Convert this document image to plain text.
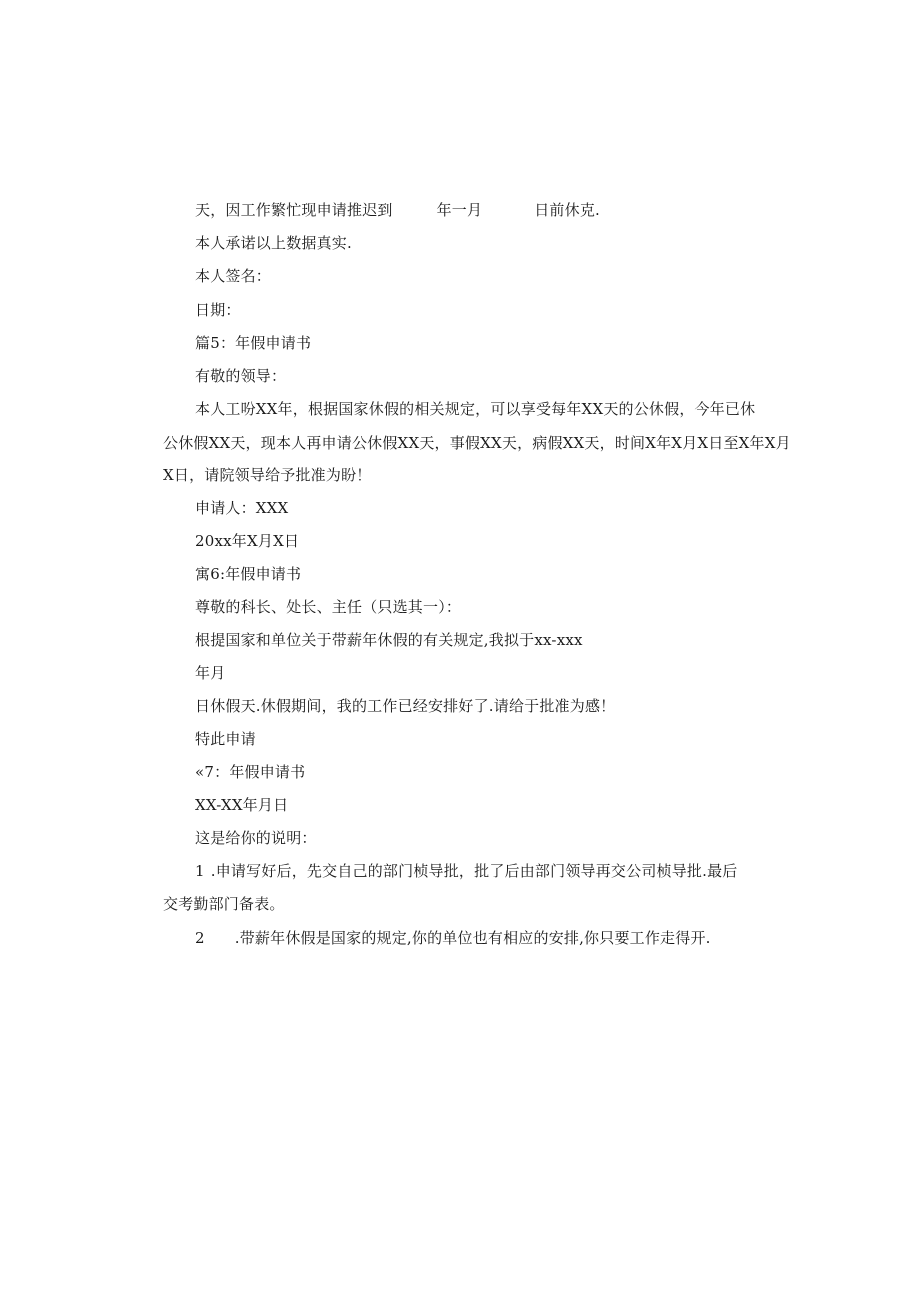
天，因工作繁忙现申请推迟到	年一月	日前休克.
本人承诺以上数据真实.
本人签名：
日期：
篇5：年假申请书
有敬的领导：
本人工吩XX年，根据国家休假的相关规定，可以享受每年XX天的公休假，今年已休
公休假XX天，现本人再申请公休假XX天，事假XX天，病假XX天，时间X年X月X日至X年X月
X日，请院领导给予批准为盼！
申请人：XXX
20xx年X月X日
寓6:年假申请书
尊敬的科长、处长、主任（只选其一）：
根提国家和单位关于带薪年休假的有关规定,我拟于xx-xxx
年月
日休假天.休假期间，我的工作已经安排好了.请给于批准为感！
特此申请
«7：年假申请书
XX-XX年月日
这是给你的说明：
1 .申请写好后，先交自己的部门桢导批，批了后由部门领导再交公司桢导批.最后
交考勤部门备表。
2 .带薪年休假是国家的规定,你的单位也有相应的安排,你只要工作走得开.
